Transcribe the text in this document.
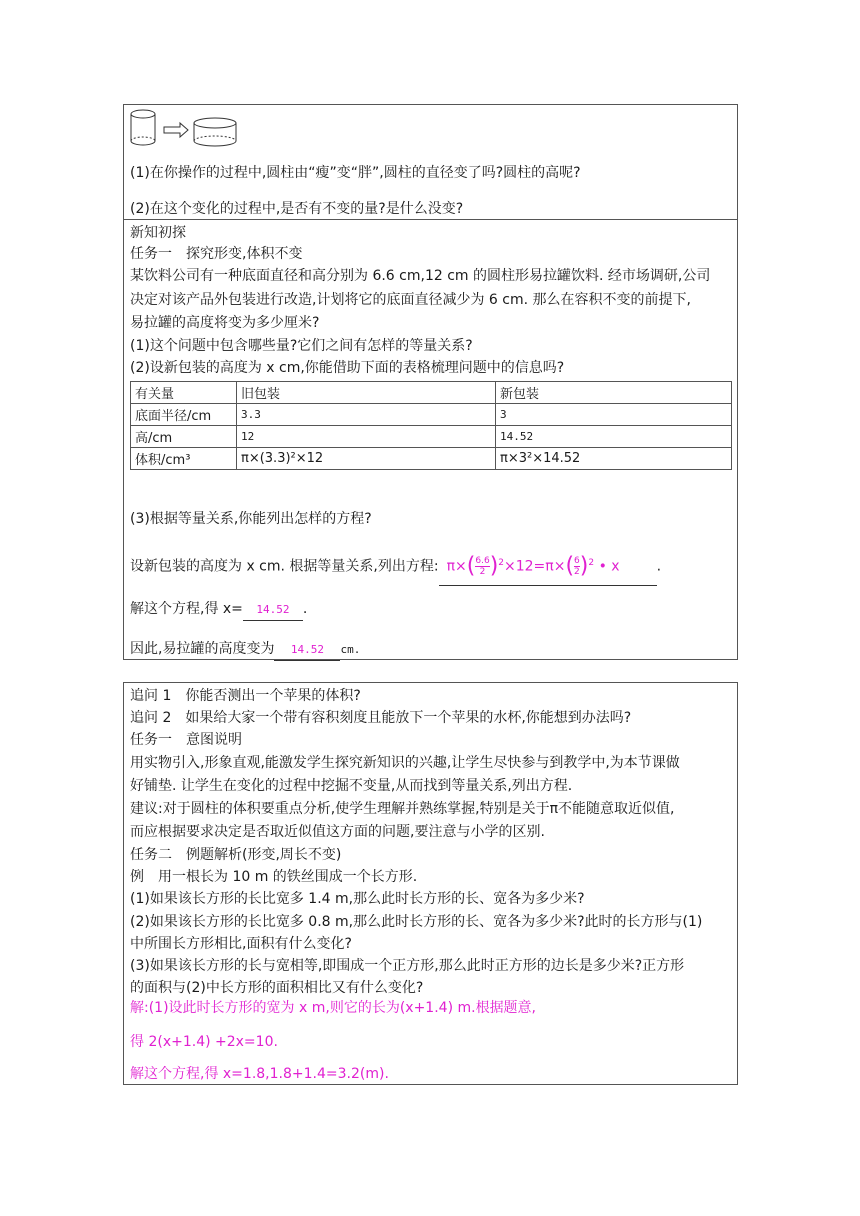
(1)在你操作的过程中,圆柱由“瘦”变“胖”,圆柱的直径变了吗?圆柱的高呢?
(2)在这个变化的过程中,是否有不变的量?是什么没变?
新知初探
任务一　探究形变,体积不变
某饮料公司有一种底面直径和高分别为 6.6 cm,12 cm 的圆柱形易拉罐饮料. 经市场调研,公司
决定对该产品外包装进行改造,计划将它的底面直径减少为 6 cm. 那么在容积不变的前提下,
易拉罐的高度将变为多少厘米?
(1)这个问题中包含哪些量?它们之间有怎样的等量关系?
(2)设新包装的高度为 x cm,你能借助下面的表格梳理问题中的信息吗?
有关量	旧包装	新包装
底面半径/cm	3.3	3
高/cm	12	14.52
体积/cm³	π×(3.3)²×12	π×3²×14.52
(3)根据等量关系,你能列出怎样的方程?
设新包装的高度为 x cm. 根据等量关系,列出方程: $\pi\times( \frac{6.6}{2} )^2\times 12=\pi\times( \frac{6}{2} )^2$ • x	.
解这个方程,得 x= 14.52 .
因此,易拉罐的高度变为 14.52 cm.
追问 1　你能否测出一个苹果的体积?
追问 2　如果给大家一个带有容积刻度且能放下一个苹果的水杯,你能想到办法吗?
任务一　意图说明
用实物引入,形象直观,能激发学生探究新知识的兴趣,让学生尽快参与到教学中,为本节课做
好铺垫. 让学生在变化的过程中挖掘不变量,从而找到等量关系,列出方程.
建议:对于圆柱的体积要重点分析,使学生理解并熟练掌握,特别是关于π不能随意取近似值,
而应根据要求决定是否取近似值这方面的问题,要注意与小学的区别.
任务二　例题解析(形变,周长不变)
例　用一根长为 10 m 的铁丝围成一个长方形.
(1)如果该长方形的长比宽多 1.4 m,那么此时长方形的长、宽各为多少米?
(2)如果该长方形的长比宽多 0.8 m,那么此时长方形的长、宽各为多少米?此时的长方形与(1)
中所围长方形相比,面积有什么变化?
(3)如果该长方形的长与宽相等,即围成一个正方形,那么此时正方形的边长是多少米?正方形
的面积与(2)中长方形的面积相比又有什么变化?
解:(1)设此时长方形的宽为 x m,则它的长为(x+1.4) m.根据题意,
得 2(x+1.4) +2x=10.
解这个方程,得 x=1.8,1.8+1.4=3.2(m).
